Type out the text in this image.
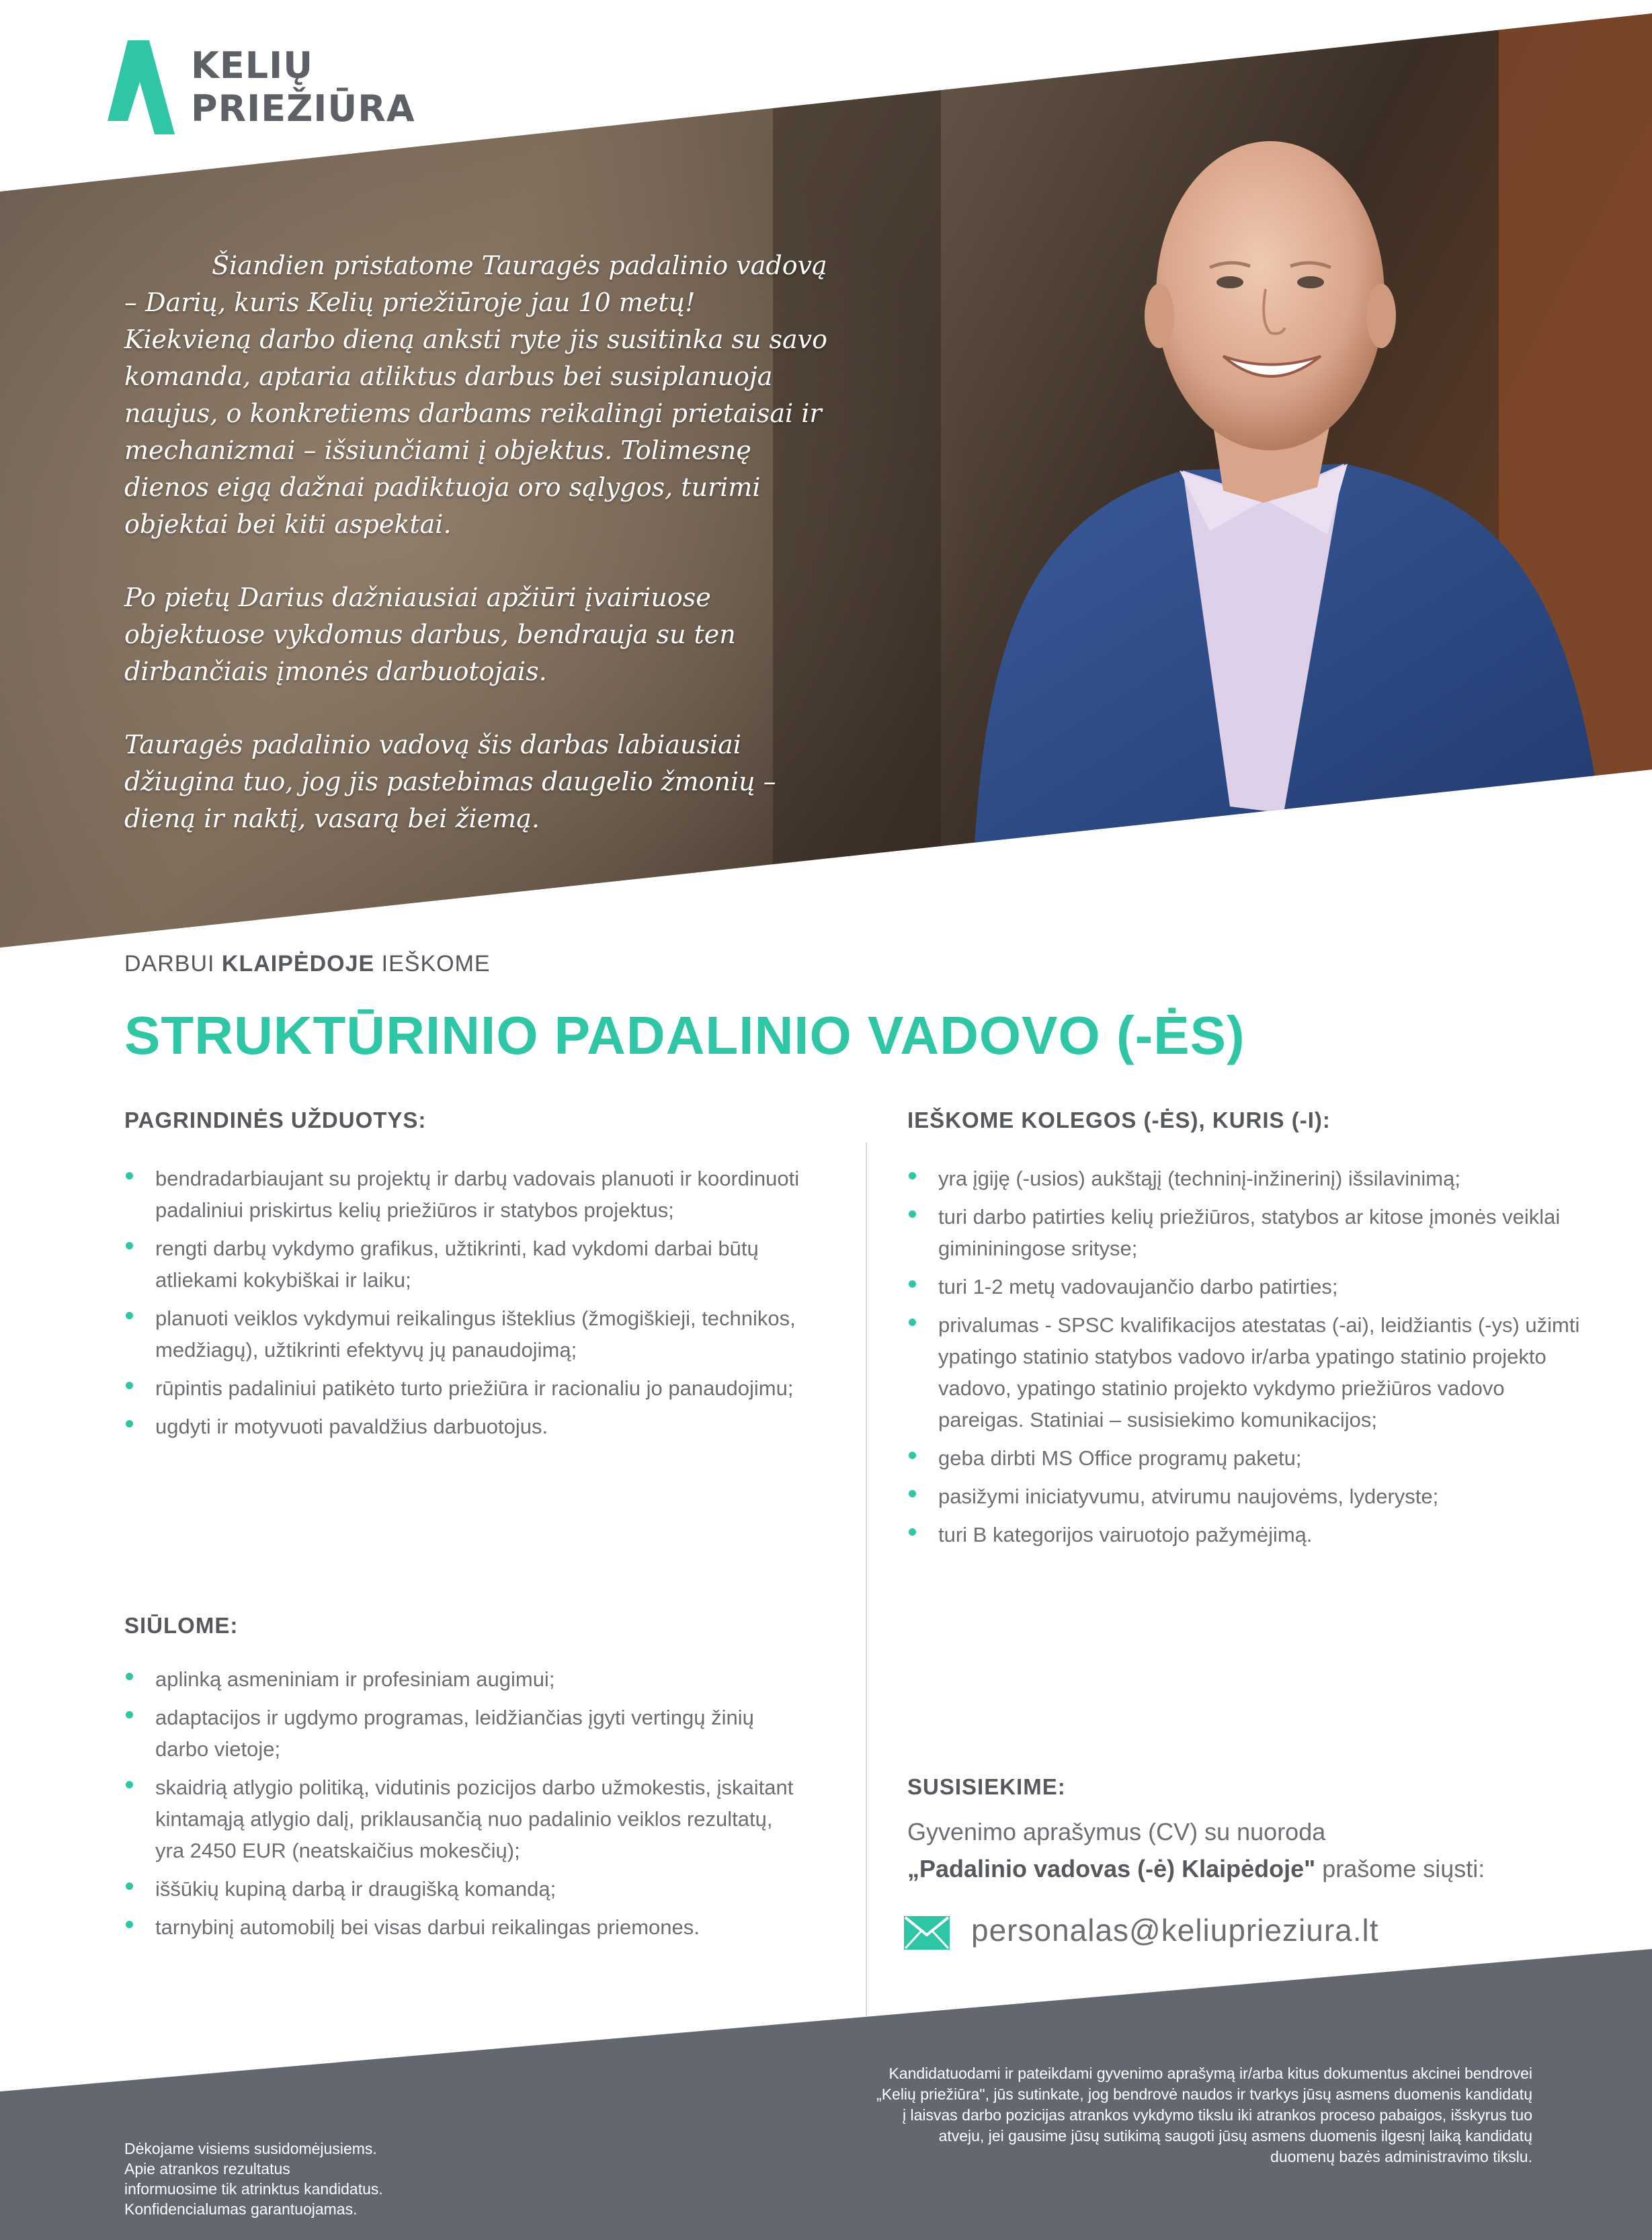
KELIŲ
PRIEŽIŪRA

Šiandien pristatome Tauragės padalinio vadovą – Darių, kuris Kelių priežiūroje jau 10 metų! Kiekvieną darbo dieną anksti ryte jis susitinka su savo komanda, aptaria atliktus darbus bei susiplanuoja naujus, o konkretiems darbams reikalingi prietaisai ir mechanizmai – išsiunčiami į objektus. Tolimesnę dienos eigą dažnai padiktuoja oro sąlygos, turimi objektai bei kiti aspektai.

Po pietų Darius dažniausiai apžiūri įvairiuose objektuose vykdomus darbus, bendrauja su ten dirbančiais įmonės darbuotojais.

Tauragės padalinio vadovą šis darbas labiausiai džiugina tuo, jog jis pastebimas daugelio žmonių – dieną ir naktį, vasarą bei žiemą.

DARBUI KLAIPĖDOJE IEŠKOME
STRUKTŪRINIO PADALINIO VADOVO (-ĖS)
PAGRINDINĖS UŽDUOTYS:
bendradarbiaujant su projektų ir darbų vadovais planuoti ir koordinuoti padaliniui priskirtus kelių priežiūros ir statybos projektus;
rengti darbų vykdymo grafikus, užtikrinti, kad vykdomi darbai būtų atliekami kokybiškai ir laiku;
planuoti veiklos vykdymui reikalingus išteklius (žmogiškieji, technikos, medžiagų), užtikrinti efektyvų jų panaudojimą;
rūpintis padaliniui patikėto turto priežiūra ir racionaliu jo panaudojimu;
ugdyti ir motyvuoti pavaldžius darbuotojus.
SIŪLOME:
aplinką asmeniniam ir profesiniam augimui;
adaptacijos ir ugdymo programas, leidžiančias įgyti vertingų žinių darbo vietoje;
skaidrią atlygio politiką, vidutinis pozicijos darbo užmokestis, įskaitant kintamąją atlygio dalį, priklausančią nuo padalinio veiklos rezultatų, yra 2450 EUR (neatskaičius mokesčių);
iššūkių kupiną darbą ir draugišką komandą;
tarnybinį automobilį bei visas darbui reikalingas priemones.
IEŠKOME KOLEGOS (-ĖS), KURIS (-I):
yra įgiję (-usios) aukštąjį (techninį-inžinerinį) išsilavinimą;
turi darbo patirties kelių priežiūros, statybos ar kitose įmonės veiklai gimininingose srityse;
turi 1-2 metų vadovaujančio darbo patirties;
privalumas - SPSC kvalifikacijos atestatas (-ai), leidžiantis (-ys) užimti ypatingo statinio statybos vadovo ir/arba ypatingo statinio projekto vadovo, ypatingo statinio projekto vykdymo priežiūros vadovo pareigas. Statiniai – susisiekimo komunikacijos;
geba dirbti MS Office programų paketu;
pasižymi iniciatyvumu, atvirumu naujovėms, lyderyste;
turi B kategorijos vairuotojo pažymėjimą.
SUSISIEKIME:
Gyvenimo aprašymus (CV) su nuoroda
„Padalinio vadovas (-ė) Klaipėdoje" prašome siųsti:
personalas@keliuprieziura.lt
Dėkojame visiems susidomėjusiems.
Apie atrankos rezultatus
informuosime tik atrinktus kandidatus.
Konfidencialumas garantuojamas.
Kandidatuodami ir pateikdami gyvenimo aprašymą ir/arba kitus dokumentus akcinei bendrovei „Kelių priežiūra", jūs sutinkate, jog bendrovė naudos ir tvarkys jūsų asmens duomenis kandidatų į laisvas darbo pozicijas atrankos vykdymo tikslu iki atrankos proceso pabaigos, išskyrus tuo atveju, jei gausime jūsų sutikimą saugoti jūsų asmens duomenis ilgesnį laiką kandidatų duomenų bazės administravimo tikslu.
